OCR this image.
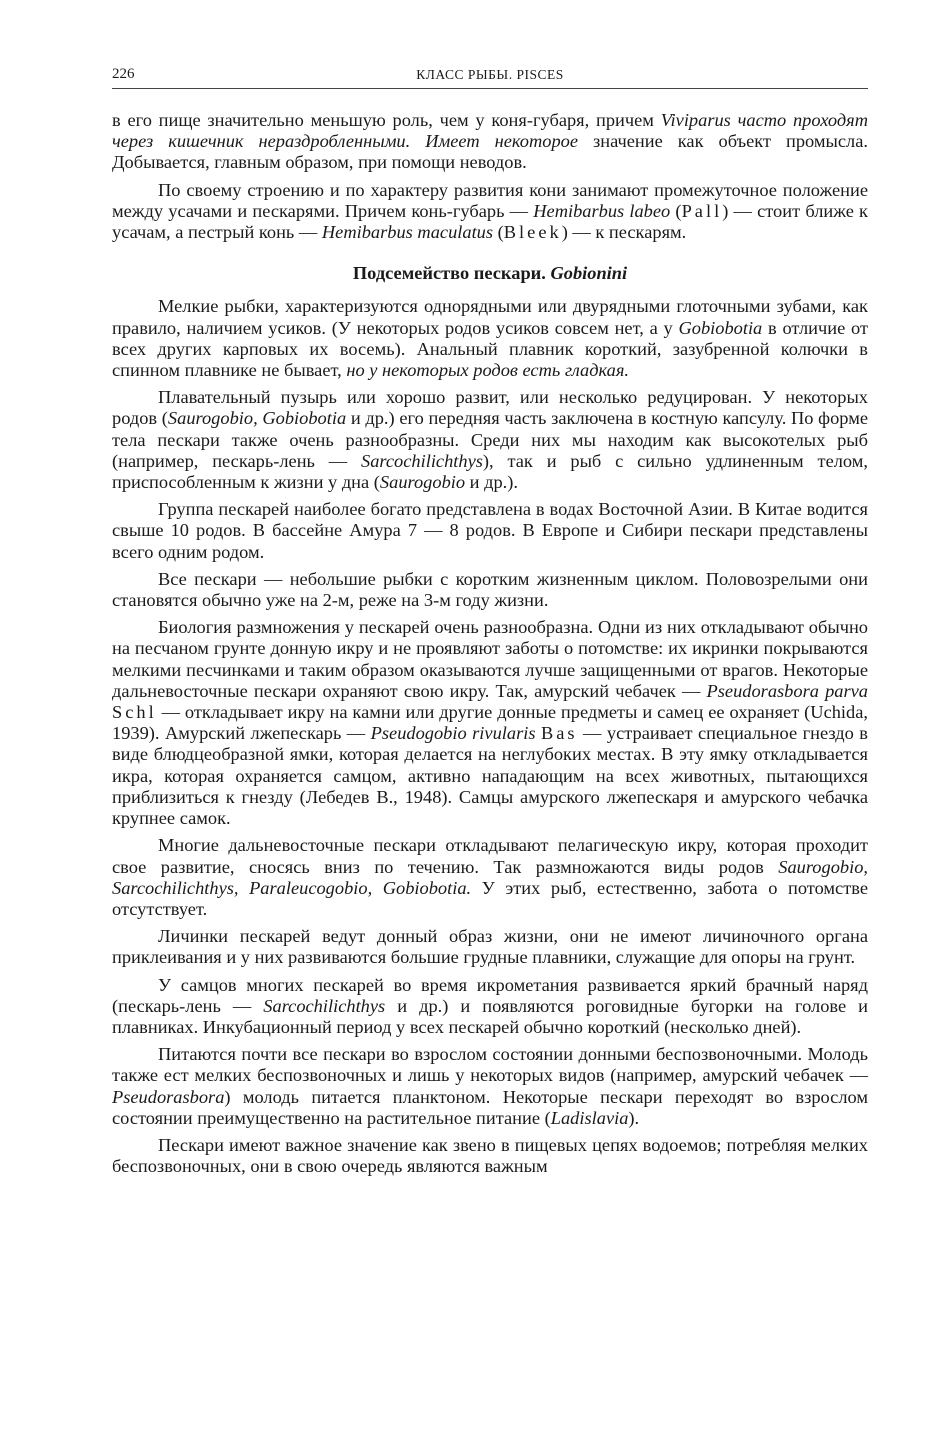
226	КЛАСС РЫБЫ. PISCES

в его пище значительно меньшую роль, чем у коня-губаря, причем Viviparus часто проходят через кишечник нераздробленными. Имеет некоторое значение как объект промысла. Добывается, главным образом, при помощи неводов.

По своему строению и по характеру развития кони занимают промежуточное положение между усачами и пескарями. Причем конь-губарь — Hemibarbus labeo (Pall) — стоит ближе к усачам, а пестрый конь — Hemibarbus maculatus (Bleek) — к пескарям.

Подсемейство пескари. Gobionini

Мелкие рыбки, характеризуются однорядными или двурядными глоточными зубами, как правило, наличием усиков. (У некоторых родов усиков совсем нет, а у Gobiobotia в отличие от всех других карповых их восемь). Анальный плавник короткий, зазубренной колючки в спинном плавнике не бывает, но у некоторых родов есть гладкая.

Плавательный пузырь или хорошо развит, или несколько редуцирован. У некоторых родов (Saurogobio, Gobiobotia и др.) его передняя часть заключена в костную капсулу. По форме тела пескари также очень разнообразны. Среди них мы находим как высокотелых рыб (например, пескарь-лень — Sarcochilichthys), так и рыб с сильно удлиненным телом, приспособленным к жизни у дна (Saurogobio и др.).

Группа пескарей наиболее богато представлена в водах Восточной Азии. В Китае водится свыше 10 родов. В бассейне Амура 7 — 8 родов. В Европе и Сибири пескари представлены всего одним родом.

Все пескари — небольшие рыбки с коротким жизненным циклом. Половозрелыми они становятся обычно уже на 2-м, реже на 3-м году жизни.

Биология размножения у пескарей очень разнообразна. Одни из них откладывают обычно на песчаном грунте донную икру и не проявляют заботы о потомстве: их икринки покрываются мелкими песчинками и таким образом оказываются лучше защищенными от врагов. Некоторые дальневосточные пескари охраняют свою икру. Так, амурский чебачек — Pseudorasbora parva Schl — откладывает икру на камни или другие донные предметы и самец ее охраняет (Uchida, 1939). Амурский лжепескарь — Pseudogobio rivularis Bas — устраивает специальное гнездо в виде блюдцеобразной ямки, которая делается на неглубоких местах. В эту ямку откладывается икра, которая охраняется самцом, активно нападающим на всех животных, пытающихся приблизиться к гнезду (Лебедев В., 1948). Самцы амурского лжепескаря и амурского чебачка крупнее самок.

Многие дальневосточные пескари откладывают пелагическую икру, которая проходит свое развитие, сносясь вниз по течению. Так размножаются виды родов Saurogobio, Sarcochilichthys, Paraleucogobio, Gobiobotia. У этих рыб, естественно, забота о потомстве отсутствует.

Личинки пескарей ведут донный образ жизни, они не имеют личиночного органа приклеивания и у них развиваются большие грудные плавники, служащие для опоры на грунт.

У самцов многих пескарей во время икрометания развивается яркий брачный наряд (пескарь-лень — Sarcochilichthys и др.) и появляются роговидные бугорки на голове и плавниках. Инкубационный период у всех пескарей обычно короткий (несколько дней).

Питаются почти все пескари во взрослом состоянии донными беспозвоночными. Молодь также ест мелких беспозвоночных и лишь у некоторых видов (например, амурский чебачек — Pseudorasbora) молодь питается планктоном. Некоторые пескари переходят во взрослом состоянии преимущественно на растительное питание (Ladislavia).

Пескари имеют важное значение как звено в пищевых цепях водоемов; потребляя мелких беспозвоночных, они в свою очередь являются важным
